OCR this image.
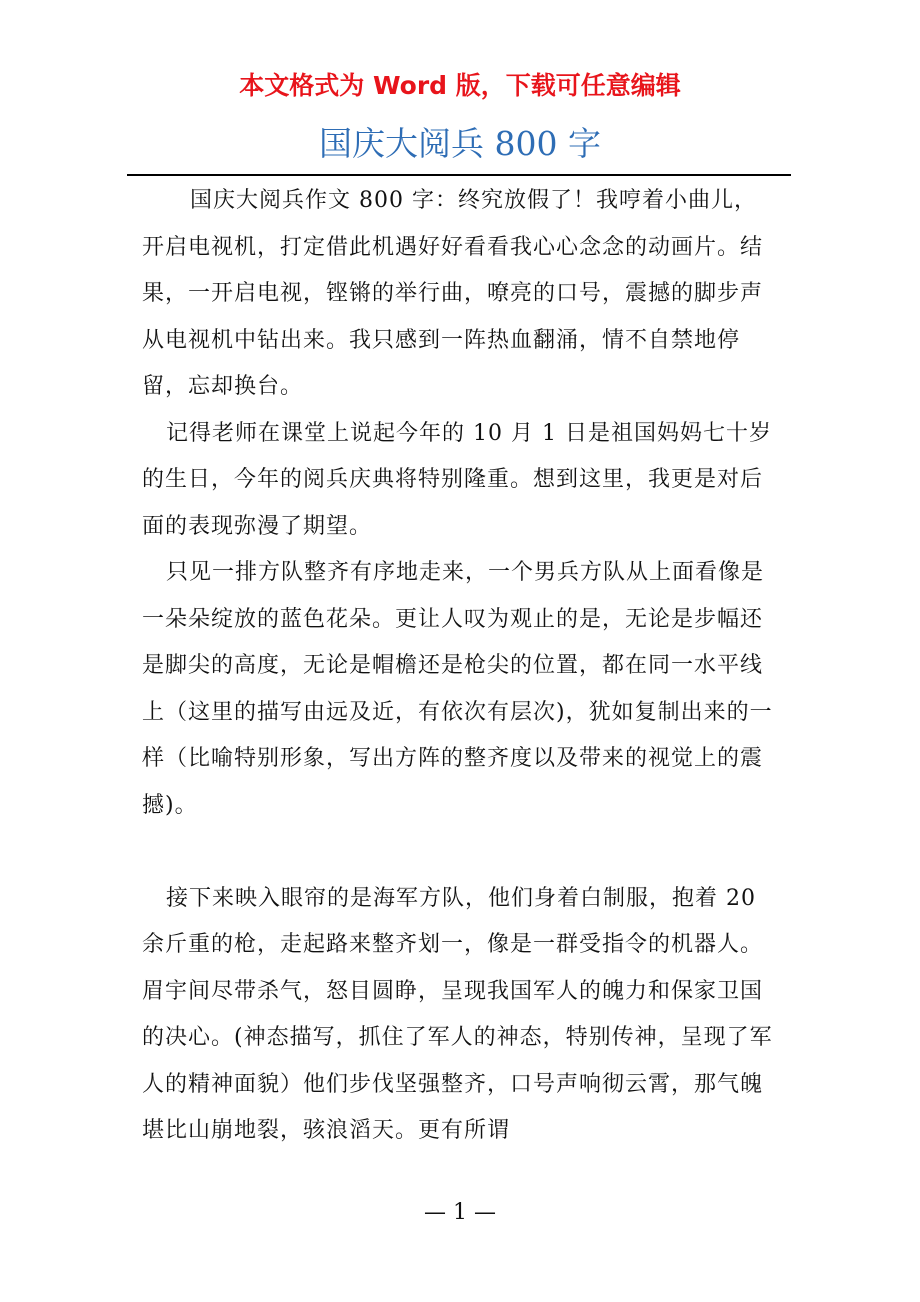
本文格式为 Word 版，下载可任意编辑
国庆大阅兵 800 字

国庆大阅兵作文 800 字：终究放假了！我哼着小曲儿，开启电视机，打定借此机遇好好看看我心心念念的动画片。结果，一开启电视，铿锵的举行曲，嘹亮的口号，震撼的脚步声从电视机中钻出来。我只感到一阵热血翻涌，情不自禁地停留，忘却换台。

记得老师在课堂上说起今年的 10 月 1 日是祖国妈妈七十岁的生日，今年的阅兵庆典将特别隆重。想到这里，我更是对后面的表现弥漫了期望。

只见一排方队整齐有序地走来，一个男兵方队从上面看像是一朵朵绽放的蓝色花朵。更让人叹为观止的是，无论是步幅还是脚尖的高度，无论是帽檐还是枪尖的位置，都在同一水平线上（这里的描写由远及近，有依次有层次)，犹如复制出来的一样（比喻特别形象，写出方阵的整齐度以及带来的视觉上的震撼)。

接下来映入眼帘的是海军方队，他们身着白制服，抱着 20 余斤重的枪，走起路来整齐划一，像是一群受指令的机器人。眉宇间尽带杀气，怒目圆睁，呈现我国军人的魄力和保家卫国的决心。(神态描写，抓住了军人的神态，特别传神，呈现了军人的精神面貌）他们步伐坚强整齐，口号声响彻云霄，那气魄堪比山崩地裂，骇浪滔天。更有所谓

— 1 —
